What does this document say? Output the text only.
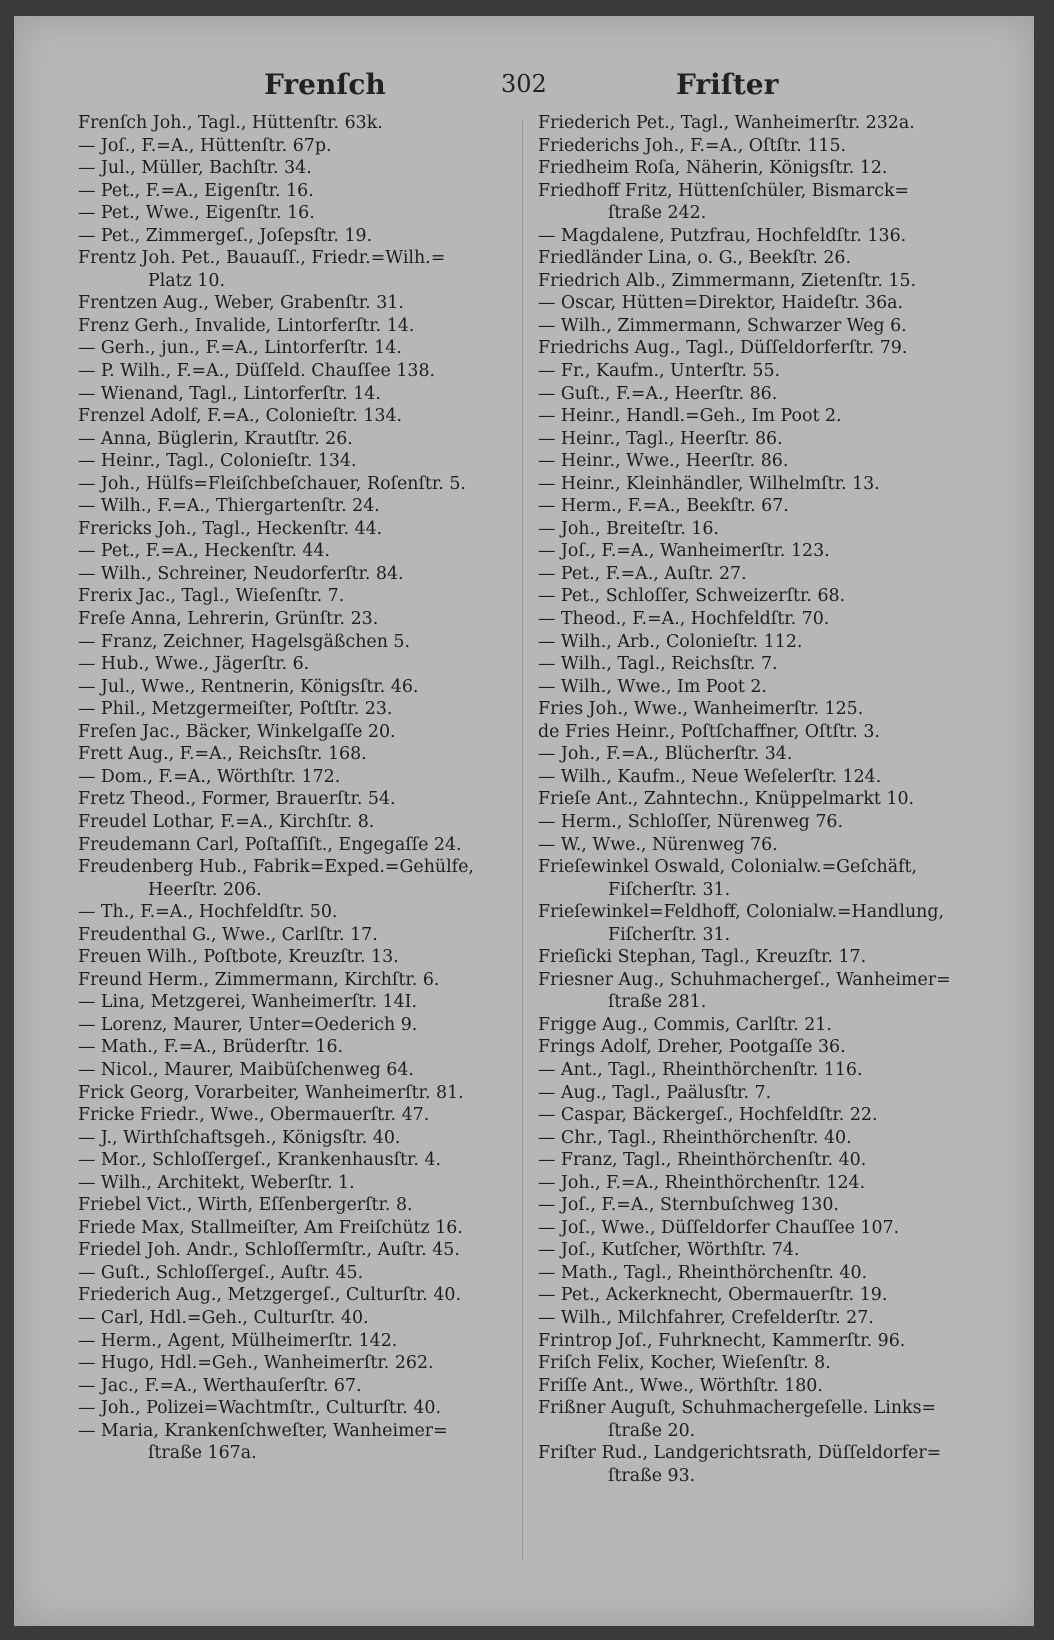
Frenſch	302	Friſter
Frenſch Joh., Tagl., Hüttenſtr. 63k.
— Joſ., F.=A., Hüttenſtr. 67p.
— Jul., Müller, Bachſtr. 34.
— Pet., F.=A., Eigenſtr. 16.
— Pet., Wwe., Eigenſtr. 16.
— Pet., Zimmergeſ., Joſepsſtr. 19.
Frentz Joh. Pet., Bauauſſ., Friedr.=Wilh.=
Platz 10.
Frentzen Aug., Weber, Grabenſtr. 31.
Frenz Gerh., Invalide, Lintorferſtr. 14.
— Gerh., jun., F.=A., Lintorferſtr. 14.
— P. Wilh., F.=A., Düſſeld. Chauſſee 138.
— Wienand, Tagl., Lintorferſtr. 14.
Frenzel Adolf, F.=A., Colonieſtr. 134.
— Anna, Büglerin, Krautſtr. 26.
— Heinr., Tagl., Colonieſtr. 134.
— Joh., Hülfs=Fleiſchbeſchauer, Roſenſtr. 5.
— Wilh., F.=A., Thiergartenſtr. 24.
Frericks Joh., Tagl., Heckenſtr. 44.
— Pet., F.=A., Heckenſtr. 44.
— Wilh., Schreiner, Neudorferſtr. 84.
Frerix Jac., Tagl., Wieſenſtr. 7.
Freſe Anna, Lehrerin, Grünſtr. 23.
— Franz, Zeichner, Hagelsgäßchen 5.
— Hub., Wwe., Jägerſtr. 6.
— Jul., Wwe., Rentnerin, Königsſtr. 46.
— Phil., Metzgermeiſter, Poſtſtr. 23.
Freſen Jac., Bäcker, Winkelgaſſe 20.
Frett Aug., F.=A., Reichsſtr. 168.
— Dom., F.=A., Wörthſtr. 172.
Fretz Theod., Former, Brauerſtr. 54.
Freudel Lothar, F.=A., Kirchſtr. 8.
Freudemann Carl, Poſtaſſiſt., Engegaſſe 24.
Freudenberg Hub., Fabrik=Exped.=Gehülfe,
Heerſtr. 206.
— Th., F.=A., Hochfeldſtr. 50.
Freudenthal G., Wwe., Carlſtr. 17.
Freuen Wilh., Poſtbote, Kreuzſtr. 13.
Freund Herm., Zimmermann, Kirchſtr. 6.
— Lina, Metzgerei, Wanheimerſtr. 14I.
— Lorenz, Maurer, Unter=Oederich 9.
— Math., F.=A., Brüderſtr. 16.
— Nicol., Maurer, Maibüſchenweg 64.
Frick Georg, Vorarbeiter, Wanheimerſtr. 81.
Fricke Friedr., Wwe., Obermauerſtr. 47.
— J., Wirthſchaftsgeh., Königsſtr. 40.
— Mor., Schloſſergeſ., Krankenhausſtr. 4.
— Wilh., Architekt, Weberſtr. 1.
Friebel Vict., Wirth, Eſſenbergerſtr. 8.
Friede Max, Stallmeiſter, Am Freiſchütz 16.
Friedel Joh. Andr., Schloſſermſtr., Auſtr. 45.
— Guſt., Schloſſergeſ., Auſtr. 45.
Friederich Aug., Metzgergeſ., Culturſtr. 40.
— Carl, Hdl.=Geh., Culturſtr. 40.
— Herm., Agent, Mülheimerſtr. 142.
— Hugo, Hdl.=Geh., Wanheimerſtr. 262.
— Jac., F.=A., Werthauſerſtr. 67.
— Joh., Polizei=Wachtmſtr., Culturſtr. 40.
— Maria, Krankenſchweſter, Wanheimer=
ſtraße 167a.
Friederich Pet., Tagl., Wanheimerſtr. 232a.
Friederichs Joh., F.=A., Oſtſtr. 115.
Friedheim Roſa, Näherin, Königsſtr. 12.
Friedhoff Fritz, Hüttenſchüler, Bismarck=
ſtraße 242.
— Magdalene, Putzfrau, Hochfeldſtr. 136.
Friedländer Lina, o. G., Beekſtr. 26.
Friedrich Alb., Zimmermann, Zietenſtr. 15.
— Oscar, Hütten=Direktor, Haideſtr. 36a.
— Wilh., Zimmermann, Schwarzer Weg 6.
Friedrichs Aug., Tagl., Düſſeldorferſtr. 79.
— Fr., Kaufm., Unterſtr. 55.
— Guſt., F.=A., Heerſtr. 86.
— Heinr., Handl.=Geh., Im Poot 2.
— Heinr., Tagl., Heerſtr. 86.
— Heinr., Wwe., Heerſtr. 86.
— Heinr., Kleinhändler, Wilhelmſtr. 13.
— Herm., F.=A., Beekſtr. 67.
— Joh., Breiteſtr. 16.
— Joſ., F.=A., Wanheimerſtr. 123.
— Pet., F.=A., Auſtr. 27.
— Pet., Schloſſer, Schweizerſtr. 68.
— Theod., F.=A., Hochfeldſtr. 70.
— Wilh., Arb., Colonieſtr. 112.
— Wilh., Tagl., Reichsſtr. 7.
— Wilh., Wwe., Im Poot 2.
Fries Joh., Wwe., Wanheimerſtr. 125.
de Fries Heinr., Poſtſchaffner, Oſtſtr. 3.
— Joh., F.=A., Blücherſtr. 34.
— Wilh., Kaufm., Neue Weſelerſtr. 124.
Frieſe Ant., Zahntechn., Knüppelmarkt 10.
— Herm., Schloſſer, Nürenweg 76.
— W., Wwe., Nürenweg 76.
Frieſewinkel Oswald, Colonialw.=Geſchäft,
Fiſcherſtr. 31.
Frieſewinkel=Feldhoff, Colonialw.=Handlung,
Fiſcherſtr. 31.
Frieſicki Stephan, Tagl., Kreuzſtr. 17.
Friesner Aug., Schuhmachergeſ., Wanheimer=
ſtraße 281.
Frigge Aug., Commis, Carlſtr. 21.
Frings Adolf, Dreher, Pootgaſſe 36.
— Ant., Tagl., Rheinthörchenſtr. 116.
— Aug., Tagl., Paälusſtr. 7.
— Caspar, Bäckergeſ., Hochfeldſtr. 22.
— Chr., Tagl., Rheinthörchenſtr. 40.
— Franz, Tagl., Rheinthörchenſtr. 40.
— Joh., F.=A., Rheinthörchenſtr. 124.
— Joſ., F.=A., Sternbuſchweg 130.
— Joſ., Wwe., Düſſeldorfer Chauſſee 107.
— Joſ., Kutſcher, Wörthſtr. 74.
— Math., Tagl., Rheinthörchenſtr. 40.
— Pet., Ackerknecht, Obermauerſtr. 19.
— Wilh., Milchfahrer, Crefelderſtr. 27.
Frintrop Joſ., Fuhrknecht, Kammerſtr. 96.
Friſch Felix, Kocher, Wieſenſtr. 8.
Friſſe Ant., Wwe., Wörthſtr. 180.
Frißner Auguſt, Schuhmachergeſelle. Links=
ſtraße 20.
Friſter Rud., Landgerichtsrath, Düſſeldorfer=
ſtraße 93.
